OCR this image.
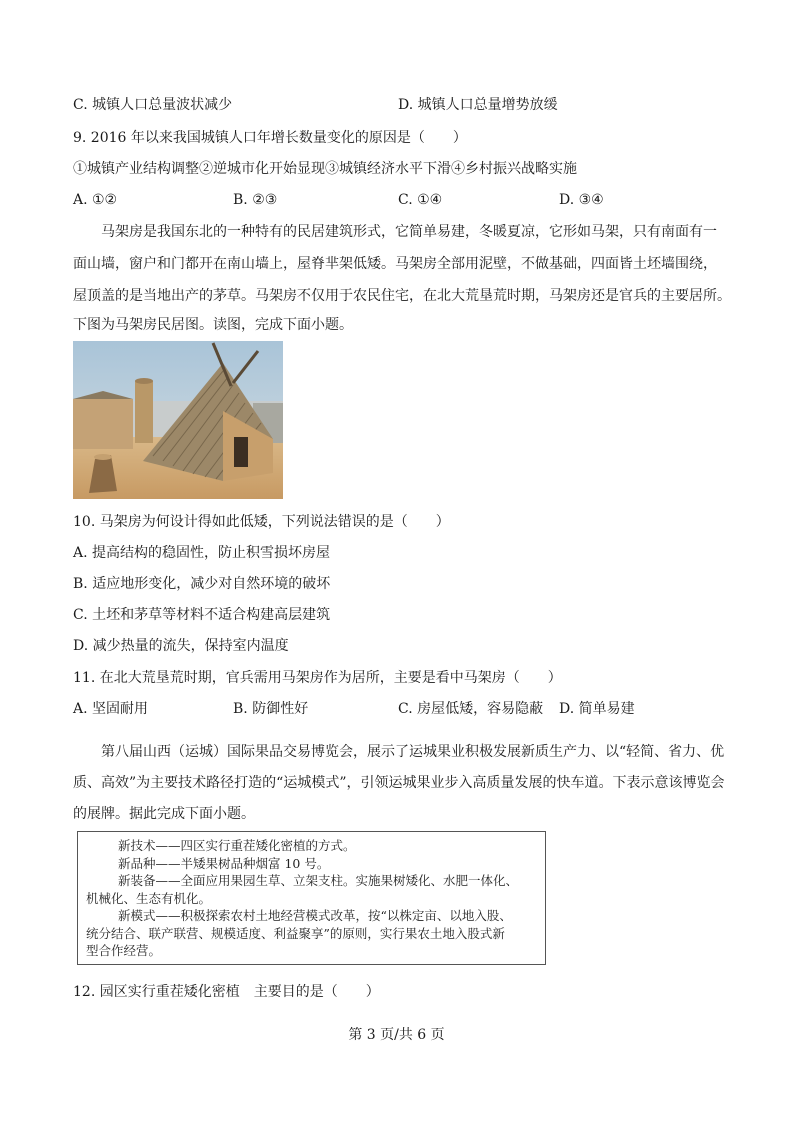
C. 城镇人口总量波状减少	D. 城镇人口总量增势放缓
9. 2016 年以来我国城镇人口年增长数量变化的原因是（　　）
①城镇产业结构调整②逆城市化开始显现③城镇经济水平下滑④乡村振兴战略实施
A. ①②	B. ②③	C. ①④	D. ③④
马架房是我国东北的一种特有的民居建筑形式，它简单易建，冬暖夏凉，它形如马架，只有南面有一
面山墙，窗户和门都开在南山墙上，屋脊芈架低矮。马架房全部用泥壁，不做基础，四面皆土坯墙围绕，
屋顶盖的是当地出产的茅草。马架房不仅用于农民住宅，在北大荒垦荒时期，马架房还是官兵的主要居所。
下图为马架房民居图。读图，完成下面小题。
10. 马架房为何设计得如此低矮，下列说法错误的是（　　）
A. 提高结构的稳固性，防止积雪损坏房屋
B. 适应地形变化，减少对自然环境的破坏
C. 土坯和茅草等材料不适合构建高层建筑
D. 减少热量的流失，保持室内温度
11. 在北大荒垦荒时期，官兵需用马架房作为居所，主要是看中马架房（　　）
A. 坚固耐用	B. 防御性好	C. 房屋低矮，容易隐蔽 D. 简单易建
第八届山西（运城）国际果品交易博览会，展示了运城果业积极发展新质生产力、以“轻简、省力、优
质、高效”为主要技术路径打造的“运城模式”，引领运城果业步入高质量发展的快车道。下表示意该博览会
的展牌。据此完成下面小题。
新技术——四区实行重茬矮化密植的方式。
新品种——半矮果树品种烟富 10 号。
新装备——全面应用果园生草、立架支柱。实施果树矮化、水肥一体化、
机械化、生态有机化。
新模式——积极探索农村土地经营模式改革，按“以株定亩、以地入股、
统分结合、联产联营、规模适度、利益聚享”的原则，实行果农土地入股式新
型合作经营。
12. 园区实行重茬矮化密植　主要目的是（　　）
第 3 页/共 6 页
